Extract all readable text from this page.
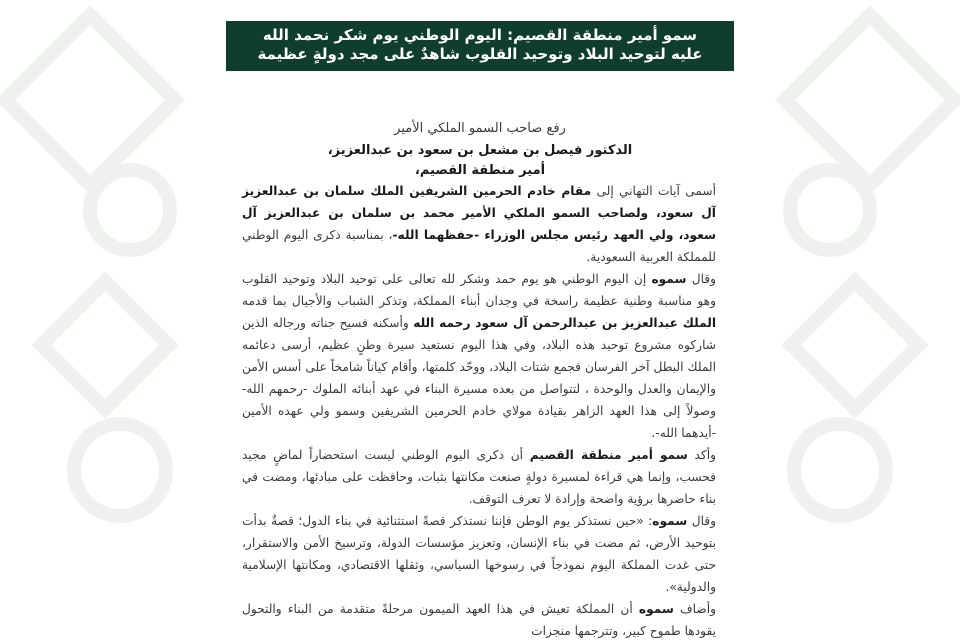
سمو أمير منطقة القصيم: اليوم الوطني يوم شكر نحمد الله
عليه لتوحيد البلاد وتوحيد القلوب شاهدٌ على مجد دولةٍ عظيمة
رفع صاحب السمو الملكي الأمير
الدكتور فيصل بن مشعل بن سعود بن عبدالعزيز،
أمير منطقة القصيم،

أسمى آيات التهاني إلى مقام خادم الحرمين الشريفين الملك سلمان بن عبدالعزيز آل سعود، ولصاحب السمو الملكي الأمير محمد بن سلمان بن عبدالعزيز آل سعود، ولي العهد رئيس مجلس الوزراء -حفظهما الله-، بمناسبة ذكرى اليوم الوطني للمملكة العربية السعودية.

وقال سموه إن اليوم الوطني هو يوم حمد وشكر لله تعالى على توحيد البلاد وتوحيد القلوب وهو مناسبة وطنية عظيمة راسخة في وجدان أبناء المملكة، وتذكر الشباب والأجيال بما قدمه الملك عبدالعزيز بن عبدالرحمن آل سعود رحمه الله وأسكنه فسيح جناته ورجاله الذين شاركوه مشروع توحيد هذه البلاد، وفي هذا اليوم نستعيد سيرة وطنٍ عظيم، أرسى دعائمه الملك البطل آخر الفرسان فجمع شتات البلاد، ووحّد كلمتها، وأقام كياناً شامخاً على أسس الأمن والإيمان والعدل والوحدة ، لتتواصل من بعده مسيرة البناء في عهد أبنائه الملوك -رحمهم الله- وصولاً إلى هذا العهد الزاهر بقيادة مولاي خادم الحرمين الشريفين وسمو ولي عهده الأمين -أيدهما الله-.

وأكد سمو أمير منطقة القصيم أن ذكرى اليوم الوطني ليست استحضاراً لماضٍ مجيد فحسب، وإنما هي قراءة لمسيرة دولةٍ صنعت مكانتها بثبات، وحافظت على مبادئها، ومضت في بناء حاضرها برؤية واضحة وإرادة لا تعرف التوقف.

وقال سموه: «حين نستذكر يوم الوطن فإننا نستذكر قصةً استثنائية في بناء الدول؛ قصةٌ بدأت بتوحيد الأرض، ثم مضت في بناء الإنسان، وتعزيز مؤسسات الدولة، وترسيخ الأمن والاستقرار، حتى غدت المملكة اليوم نموذجاً في رسوخها السياسي، وثقلها الاقتصادي، ومكانتها الإسلامية والدولية».

وأضاف سموه أن المملكة تعيش في هذا العهد الميمون مرحلةً متقدمة من البناء والتحول يقودها طموح كبير، وتترجمها منجزات
